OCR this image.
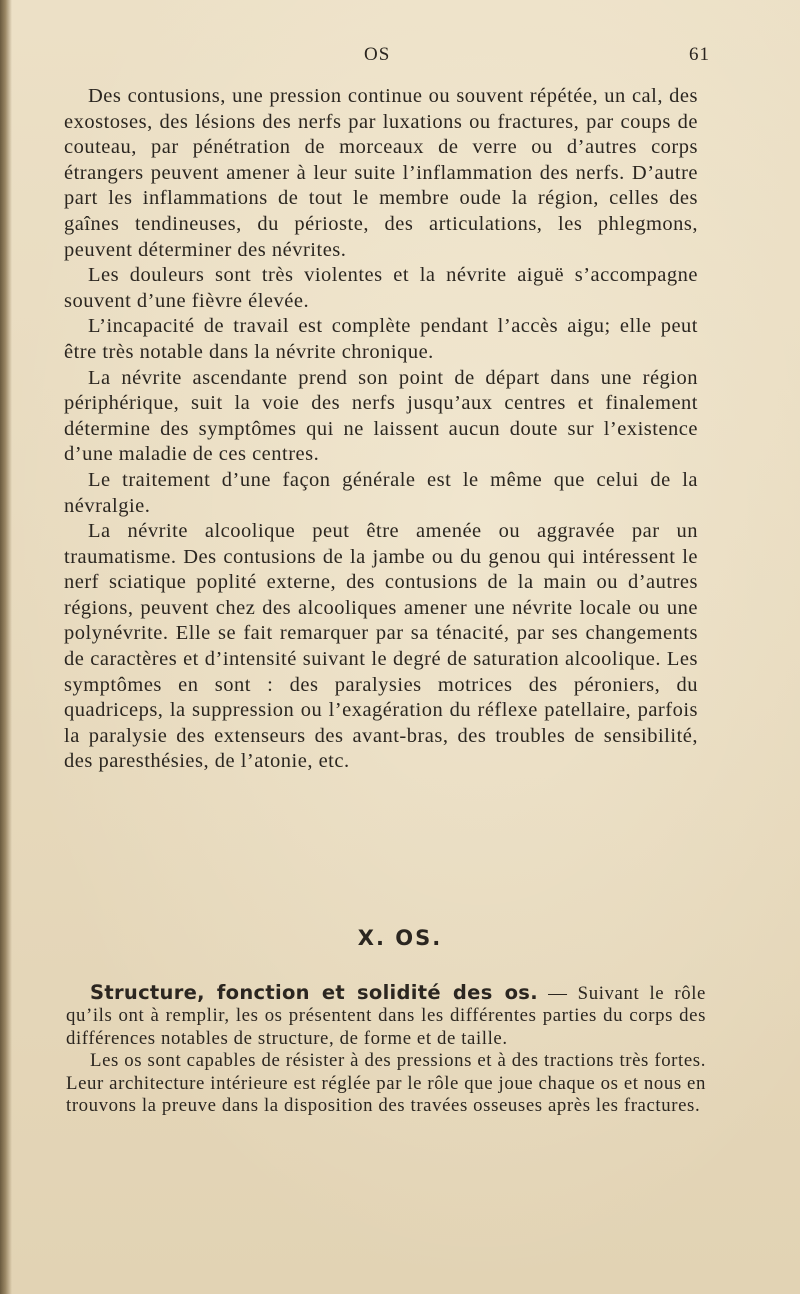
OS	61

Des contusions, une pression continue ou souvent répétée, un cal, des exostoses, des lésions des nerfs par luxations ou fractures, par coups de couteau, par pénétration de morceaux de verre ou d’autres corps étrangers peuvent amener à leur suite l’inflammation des nerfs. D’autre part les inflammations de tout le membre oude la région, celles des gaînes tendineuses, du périoste, des articulations, les phlegmons, peuvent déterminer des névrites.

Les douleurs sont très violentes et la névrite aiguë s’accompagne souvent d’une fièvre élevée.

L’incapacité de travail est complète pendant l’accès aigu; elle peut être très notable dans la névrite chronique.

La névrite ascendante prend son point de départ dans une région périphérique, suit la voie des nerfs jusqu’aux centres et finalement détermine des symptômes qui ne laissent aucun doute sur l’existence d’une maladie de ces centres.

Le traitement d’une façon générale est le même que celui de la névralgie.

La névrite alcoolique peut être amenée ou aggravée par un traumatisme. Des contusions de la jambe ou du genou qui intéressent le nerf sciatique poplité externe, des contusions de la main ou d’autres régions, peuvent chez des alcooliques amener une névrite locale ou une polynévrite. Elle se fait remarquer par sa ténacité, par ses changements de caractères et d’intensité suivant le degré de saturation alcoolique. Les symptômes en sont : des paralysies motrices des péroniers, du quadriceps, la suppression ou l’exagération du réflexe patellaire, parfois la paralysie des extenseurs des avant-bras, des troubles de sensibilité, des paresthésies, de l’atonie, etc.

X. OS.

Structure, fonction et solidité des os. — Suivant le rôle qu’ils ont à remplir, les os présentent dans les différentes parties du corps des différences notables de structure, de forme et de taille.

Les os sont capables de résister à des pressions et à des tractions très fortes. Leur architecture intérieure est réglée par le rôle que joue chaque os et nous en trouvons la preuve dans la disposition des travées osseuses après les fractures.
